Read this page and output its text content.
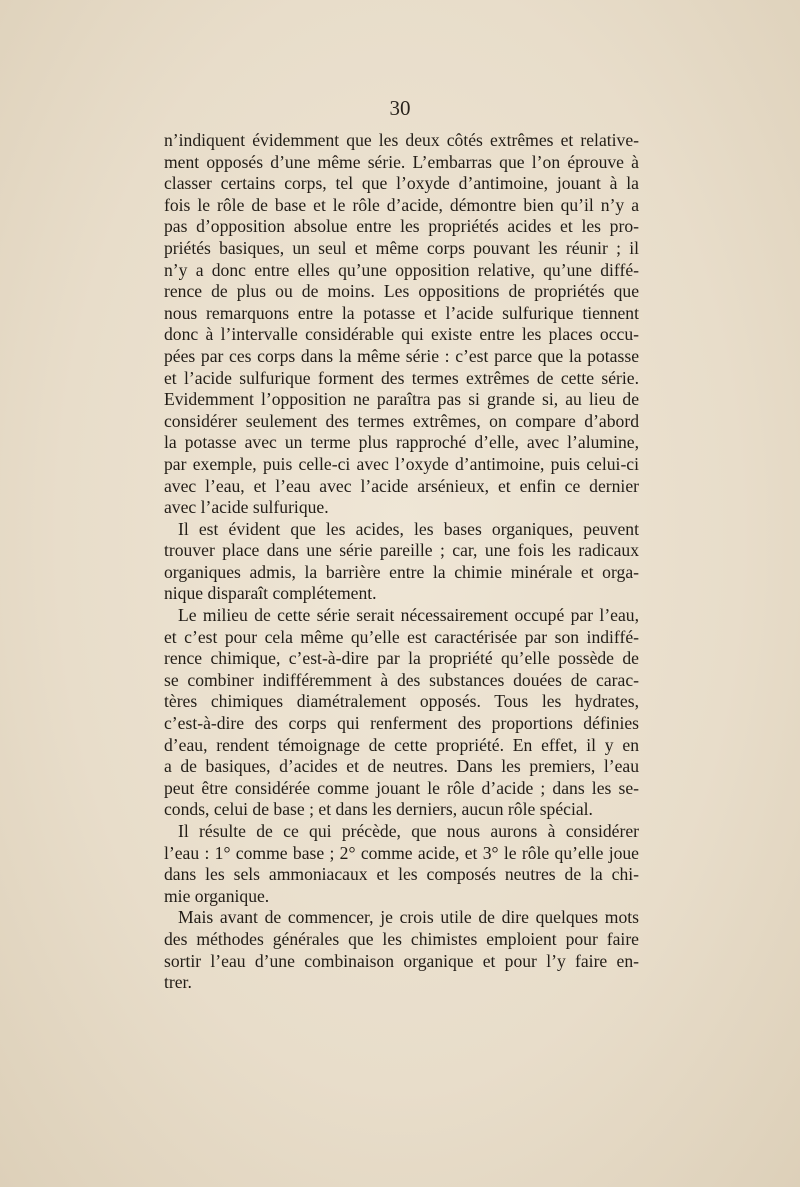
30
n’indiquent évidemment que les deux côtés extrêmes et relative-
ment opposés d’une même série. L’embarras que l’on éprouve à
classer certains corps, tel que l’oxyde d’antimoine, jouant à la
fois le rôle de base et le rôle d’acide, démontre bien qu’il n’y a
pas d’opposition absolue entre les propriétés acides et les pro-
priétés basiques, un seul et même corps pouvant les réunir ; il
n’y a donc entre elles qu’une opposition relative, qu’une diffé-
rence de plus ou de moins. Les oppositions de propriétés que
nous remarquons entre la potasse et l’acide sulfurique tiennent
donc à l’intervalle considérable qui existe entre les places occu-
pées par ces corps dans la même série : c’est parce que la potasse
et l’acide sulfurique forment des termes extrêmes de cette série.
Evidemment l’opposition ne paraîtra pas si grande si, au lieu de
considérer seulement des termes extrêmes, on compare d’abord
la potasse avec un terme plus rapproché d’elle, avec l’alumine,
par exemple, puis celle-ci avec l’oxyde d’antimoine, puis celui-ci
avec l’eau, et l’eau avec l’acide arsénieux, et enfin ce dernier
avec l’acide sulfurique.
Il est évident que les acides, les bases organiques, peuvent
trouver place dans une série pareille ; car, une fois les radicaux
organiques admis, la barrière entre la chimie minérale et orga-
nique disparaît complétement.
Le milieu de cette série serait nécessairement occupé par l’eau,
et c’est pour cela même qu’elle est caractérisée par son indiffé-
rence chimique, c’est-à-dire par la propriété qu’elle possède de
se combiner indifféremment à des substances douées de carac-
tères chimiques diamétralement opposés. Tous les hydrates,
c’est-à-dire des corps qui renferment des proportions définies
d’eau, rendent témoignage de cette propriété. En effet, il y en
a de basiques, d’acides et de neutres. Dans les premiers, l’eau
peut être considérée comme jouant le rôle d’acide ; dans les se-
conds, celui de base ; et dans les derniers, aucun rôle spécial.
Il résulte de ce qui précède, que nous aurons à considérer
l’eau : 1° comme base ; 2° comme acide, et 3° le rôle qu’elle joue
dans les sels ammoniacaux et les composés neutres de la chi-
mie organique.
Mais avant de commencer, je crois utile de dire quelques mots
des méthodes générales que les chimistes emploient pour faire
sortir l’eau d’une combinaison organique et pour l’y faire en-
trer.
